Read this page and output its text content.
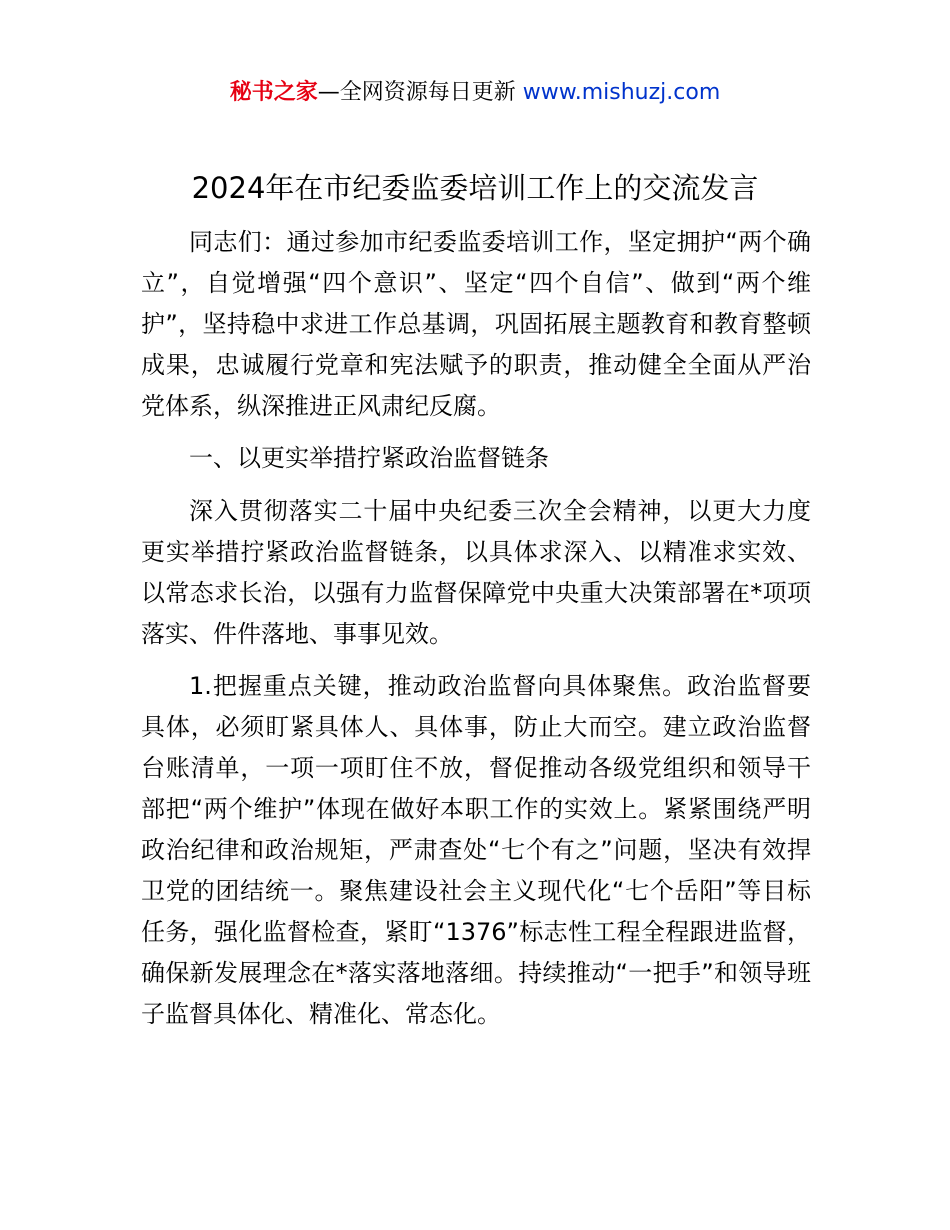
秘书之家—全网资源每日更新 www.mishuzj.com
2024年在市纪委监委培训工作上的交流发言

同志们：通过参加市纪委监委培训工作，坚定拥护“两个确立”，自觉增强“四个意识”、坚定“四个自信”、做到“两个维护”，坚持稳中求进工作总基调，巩固拓展主题教育和教育整顿成果，忠诚履行党章和宪法赋予的职责，推动健全全面从严治党体系，纵深推进正风肃纪反腐。

一、以更实举措拧紧政治监督链条

深入贯彻落实二十届中央纪委三次全会精神，以更大力度更实举措拧紧政治监督链条，以具体求深入、以精准求实效、以常态求长治，以强有力监督保障党中央重大决策部署在*项项落实、件件落地、事事见效。

1.把握重点关键，推动政治监督向具体聚焦。政治监督要具体，必须盯紧具体人、具体事，防止大而空。建立政治监督台账清单，一项一项盯住不放，督促推动各级党组织和领导干部把“两个维护”体现在做好本职工作的实效上。紧紧围绕严明政治纪律和政治规矩，严肃查处“七个有之”问题，坚决有效捍卫党的团结统一。聚焦建设社会主义现代化“七个岳阳”等目标任务，强化监督检查，紧盯“1376”标志性工程全程跟进监督，确保新发展理念在*落实落地落细。持续推动“一把手”和领导班子监督具体化、精准化、常态化。
